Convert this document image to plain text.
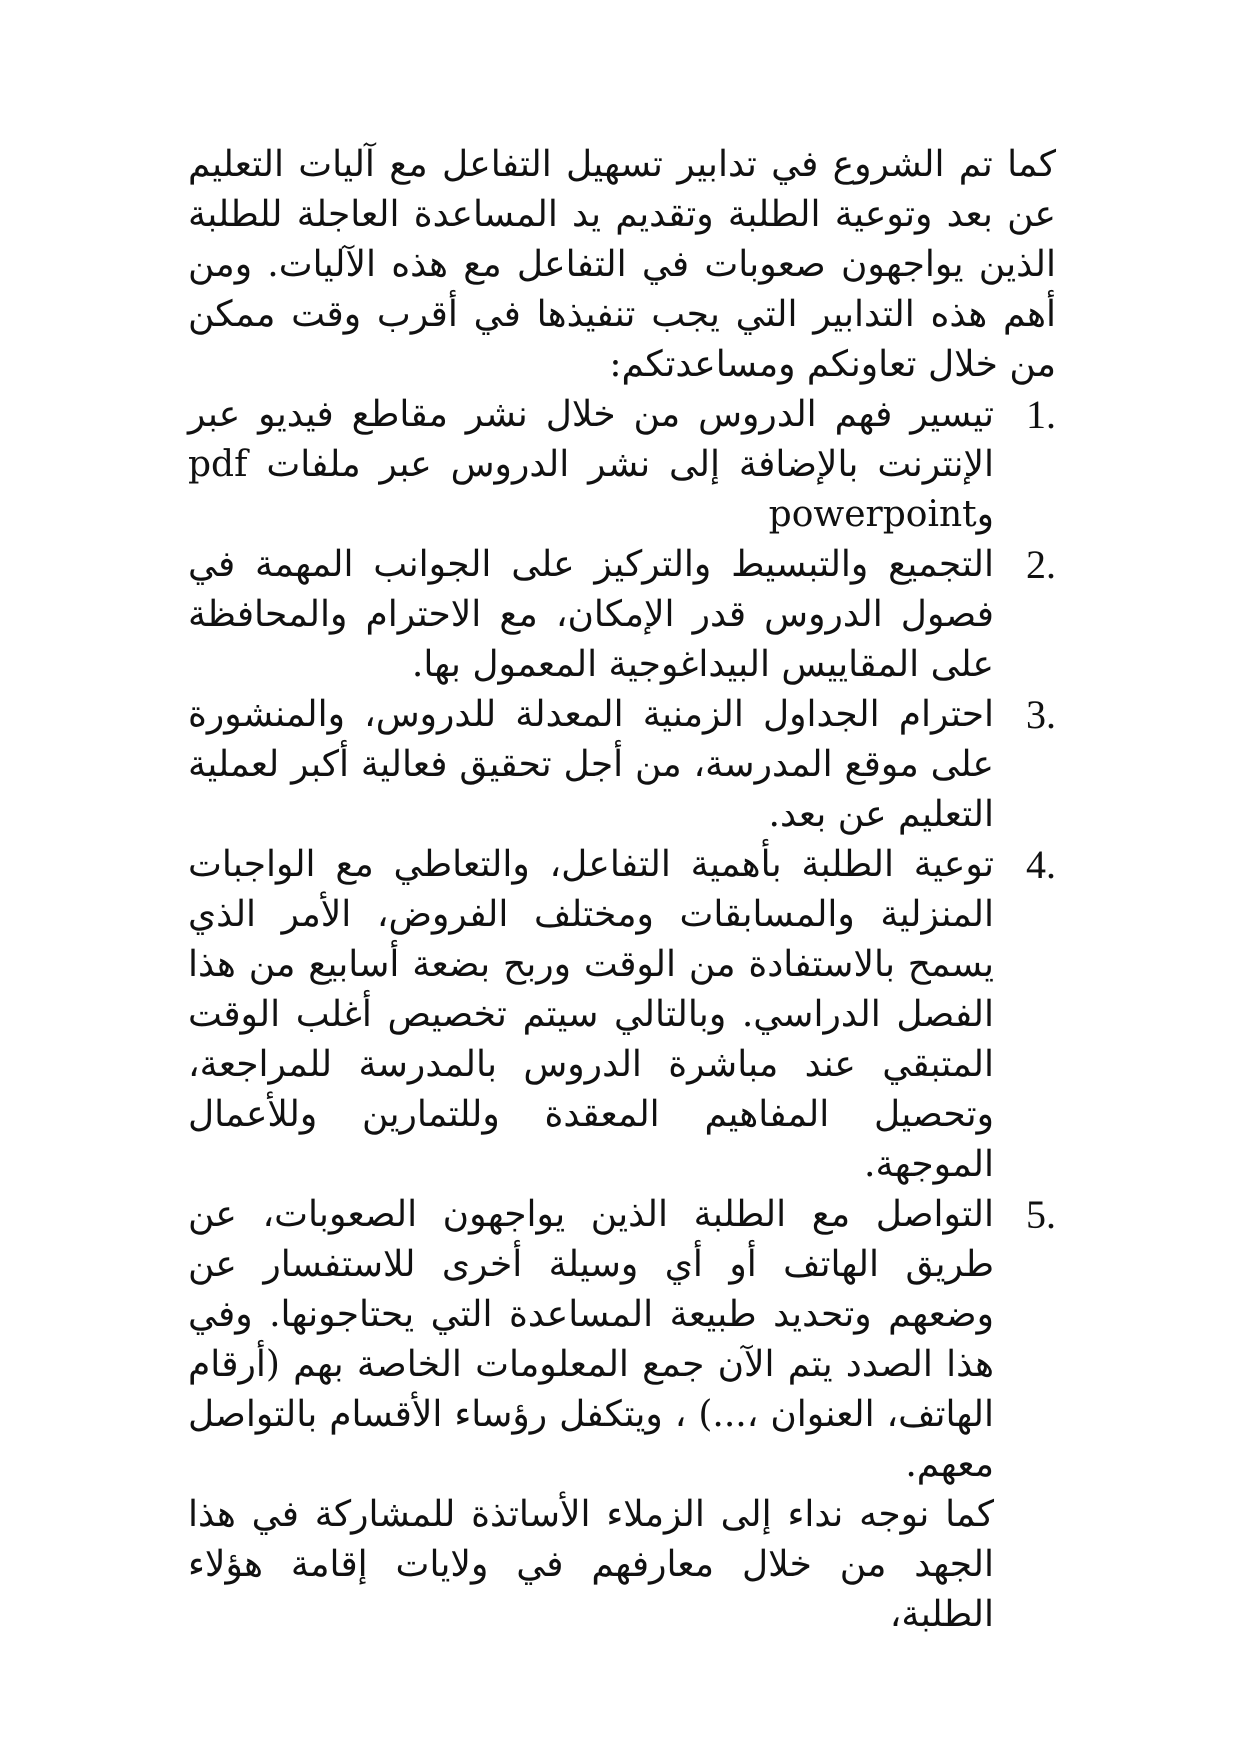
كما تم الشروع في تدابير تسهيل التفاعل مع آليات التعليم عن بعد وتوعية الطلبة وتقديم يد المساعدة العاجلة للطلبة الذين يواجهون صعوبات في التفاعل مع هذه الآليات. ومن أهم هذه التدابير التي يجب تنفيذها في أقرب وقت ممكن من خلال تعاونكم ومساعدتكم:

1.
تيسير فهم الدروس من خلال نشر مقاطع فيديو عبر الإنترنت بالإضافة إلى نشر الدروس عبر ملفات pdf وpowerpoint
2.
التجميع والتبسيط والتركيز على الجوانب المهمة في فصول الدروس قدر الإمكان، مع الاحترام والمحافظة على المقاييس البيداغوجية المعمول بها.
3.
احترام الجداول الزمنية المعدلة للدروس، والمنشورة على موقع المدرسة، من أجل تحقيق فعالية أكبر لعملية التعليم عن بعد.
4.
توعية الطلبة بأهمية التفاعل، والتعاطي مع الواجبات المنزلية والمسابقات ومختلف الفروض، الأمر الذي يسمح بالاستفادة من الوقت وربح بضعة أسابيع من هذا الفصل الدراسي. وبالتالي سيتم تخصيص أغلب الوقت المتبقي عند مباشرة الدروس بالمدرسة للمراجعة، وتحصيل المفاهيم المعقدة وللتمارين وللأعمال الموجهة.
5.
التواصل مع الطلبة الذين يواجهون الصعوبات، عن طريق الهاتف أو أي وسيلة أخرى للاستفسار عن وضعهم وتحديد طبيعة المساعدة التي يحتاجونها. وفي هذا الصدد يتم الآن جمع المعلومات الخاصة بهم (أرقام الهاتف، العنوان ،...) ، ويتكفل رؤساء الأقسام بالتواصل معهم.

كما نوجه نداء إلى الزملاء الأساتذة للمشاركة في هذا الجهد من خلال معارفهم في ولايات إقامة هؤلاء الطلبة،
